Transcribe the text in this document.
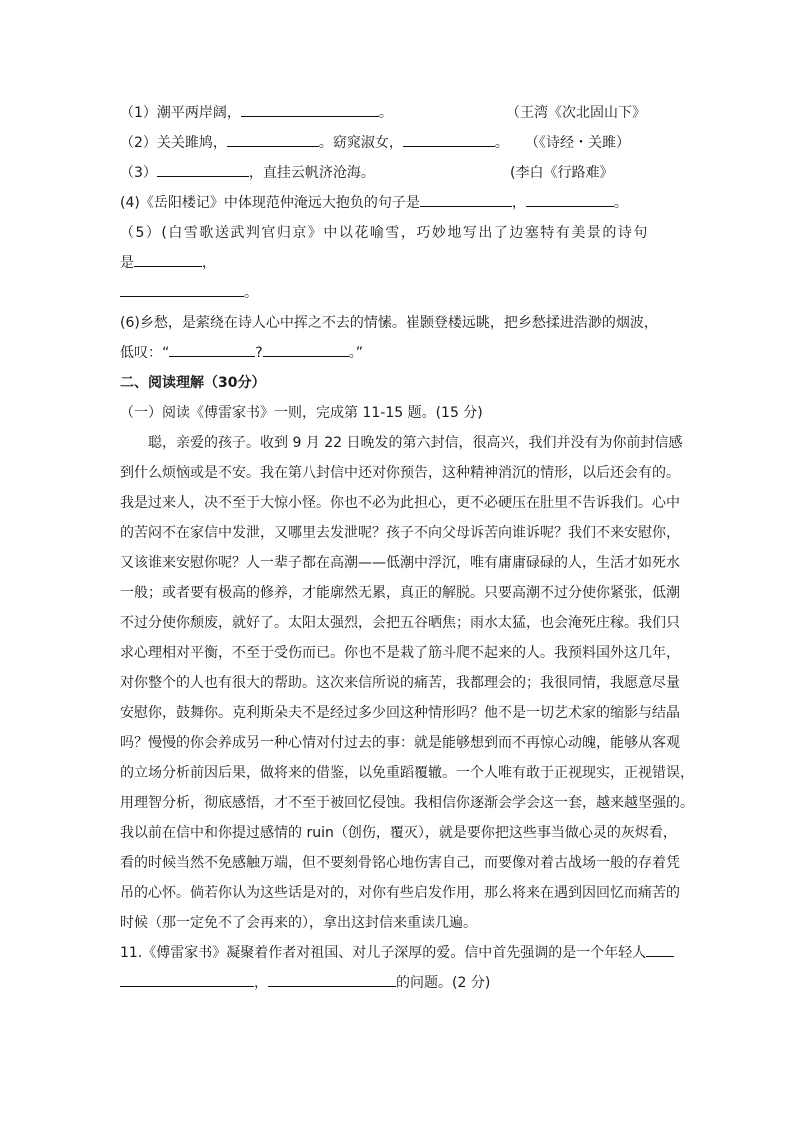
（1）潮平两岸阔，	。	（王湾《次北固山下》
（2）关关雎鸠，	。窈窕淑女，	。 （《诗经・关雎）
（3）	，直挂云帆济沧海。	(李白《行路难》
(4)《岳阳楼记》中体现范仲淹远大抱负的句子是	，	。
（5）(白雪歌送武判官归京》中以花喻雪，巧妙地写出了边塞特有美景的诗句
是	，
。
(6)乡愁，是萦绕在诗人心中挥之不去的情愫。崔颢登楼远眺，把乡愁揉进浩渺的烟波，
低叹：“	?	。”
二、阅读理解（30分）
（一）阅读《傅雷家书》一则，完成第 11-15 题。(15 分)
聪，亲爱的孩子。收到 9 月 22 日晚发的第六封信，很高兴，我们并没有为你前封信感
到什么烦恼或是不安。我在第八封信中还对你预告，这种精神消沉的情形，以后还会有的。
我是过来人，决不至于大惊小怪。你也不必为此担心，更不必硬压在肚里不告诉我们。心中
的苦闷不在家信中发泄，又哪里去发泄呢？孩子不向父母诉苦向谁诉呢？我们不来安慰你，
又该谁来安慰你呢？人一辈子都在高潮——低潮中浮沉，唯有庸庸碌碌的人，生活才如死水
一般；或者要有极高的修养，才能廓然无累，真正的解脱。只要高潮不过分使你紧张，低潮
不过分使你颓废，就好了。太阳太强烈，会把五谷晒焦；雨水太猛，也会淹死庄稼。我们只
求心理相对平衡，不至于受伤而已。你也不是栽了筋斗爬不起来的人。我预料国外这几年，
对你整个的人也有很大的帮助。这次来信所说的痛苦，我都理会的；我很同情，我愿意尽量
安慰你，鼓舞你。克利斯朵夫不是经过多少回这种情形吗？他不是一切艺术家的缩影与结晶
吗？慢慢的你会养成另一种心情对付过去的事：就是能够想到而不再惊心动魄，能够从客观
的立场分析前因后果，做将来的借鉴，以免重蹈覆辙。一个人唯有敢于正视现实，正视错误，
用理智分析，彻底感悟，才不至于被回忆侵蚀。我相信你逐渐会学会这一套，越来越坚强的。
我以前在信中和你提过感情的 ruin（创伤，覆灭），就是要你把这些事当做心灵的灰烬看，
看的时候当然不免感触万端，但不要刻骨铭心地伤害自己，而要像对着古战场一般的存着凭
吊的心怀。倘若你认为这些话是对的，对你有些启发作用，那么将来在遇到因回忆而痛苦的
时候（那一定免不了会再来的），拿出这封信来重读几遍。
11.《傅雷家书》凝聚着作者对祖国、对儿子深厚的爱。信中首先强调的是一个年轻人
，	的问题。(2 分)
